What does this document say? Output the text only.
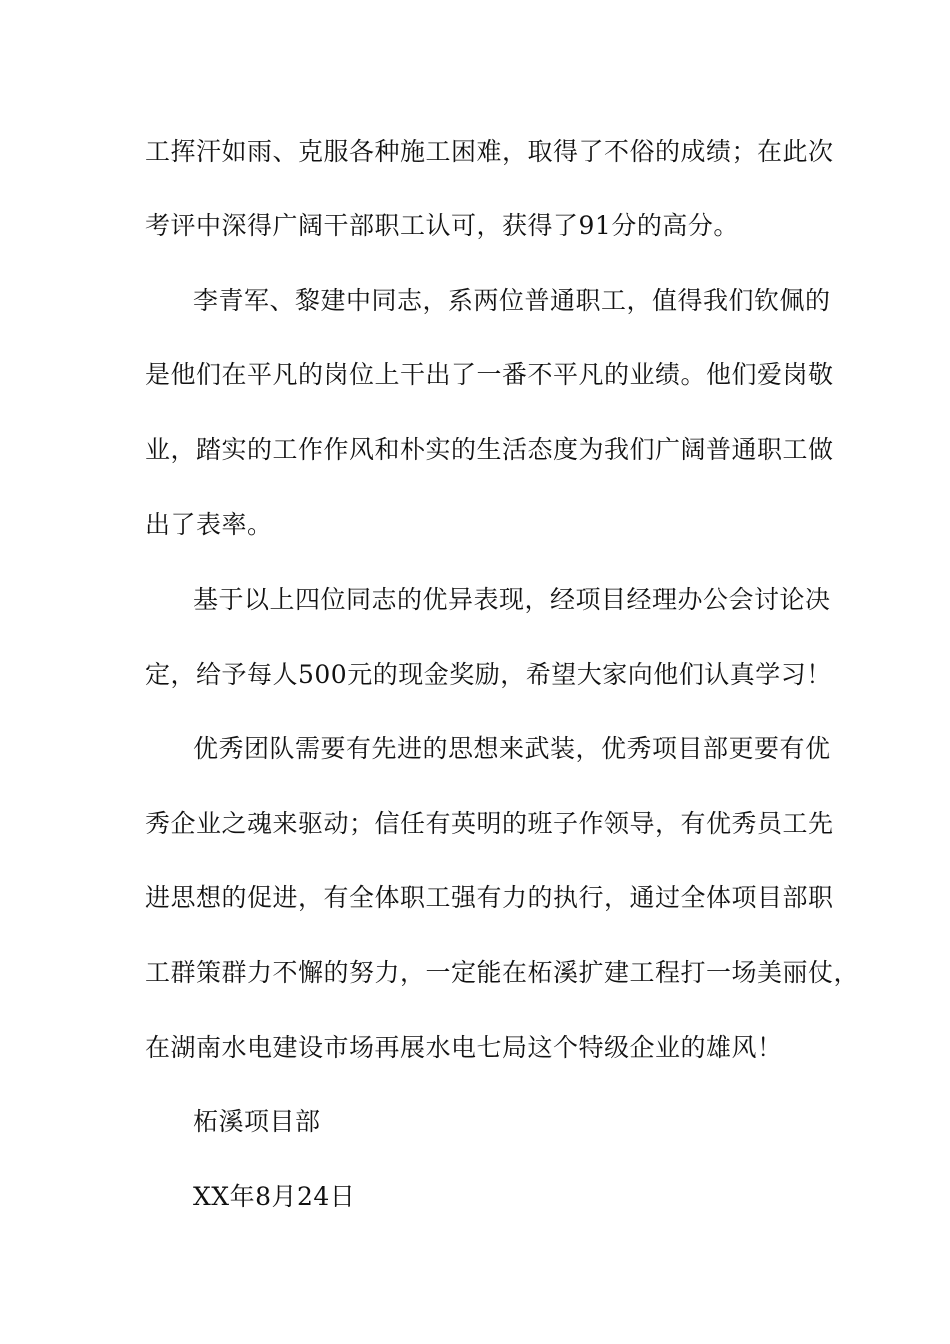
工挥汗如雨、克服各种施工困难，取得了不俗的成绩；在此次
考评中深得广阔干部职工认可，获得了91分的高分。
李青军、黎建中同志，系两位普通职工，值得我们钦佩的
是他们在平凡的岗位上干出了一番不平凡的业绩。他们爱岗敬
业，踏实的工作作风和朴实的生活态度为我们广阔普通职工做
出了表率。
基于以上四位同志的优异表现，经项目经理办公会讨论决
定，给予每人500元的现金奖励，希望大家向他们认真学习！
优秀团队需要有先进的思想来武装，优秀项目部更要有优
秀企业之魂来驱动；信任有英明的班子作领导，有优秀员工先
进思想的促进，有全体职工强有力的执行，通过全体项目部职
工群策群力不懈的努力，一定能在柘溪扩建工程打一场美丽仗，
在湖南水电建设市场再展水电七局这个特级企业的雄风！
柘溪项目部
XX年8月24日
